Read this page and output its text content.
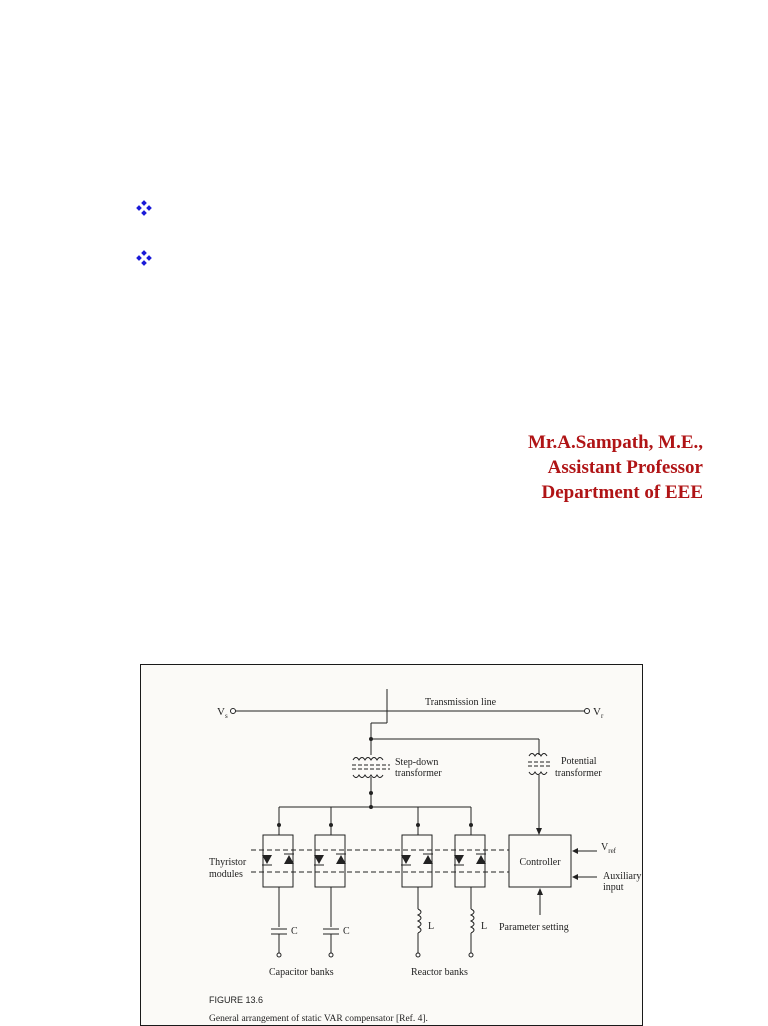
Mr.A.Sampath, M.E.,
Assistant Professor
Department of EEE
$V_s$	$V_r$
Transmission line
Step-down
transformer
Potential
transformer
Controller
$V_{ref}$
Auxiliary
input
Parameter setting
Thyristor
modules
C	C	L	L
Capacitor banks	Reactor banks
FIGURE 13.6
General arrangement of static VAR compensator [Ref. 4].
